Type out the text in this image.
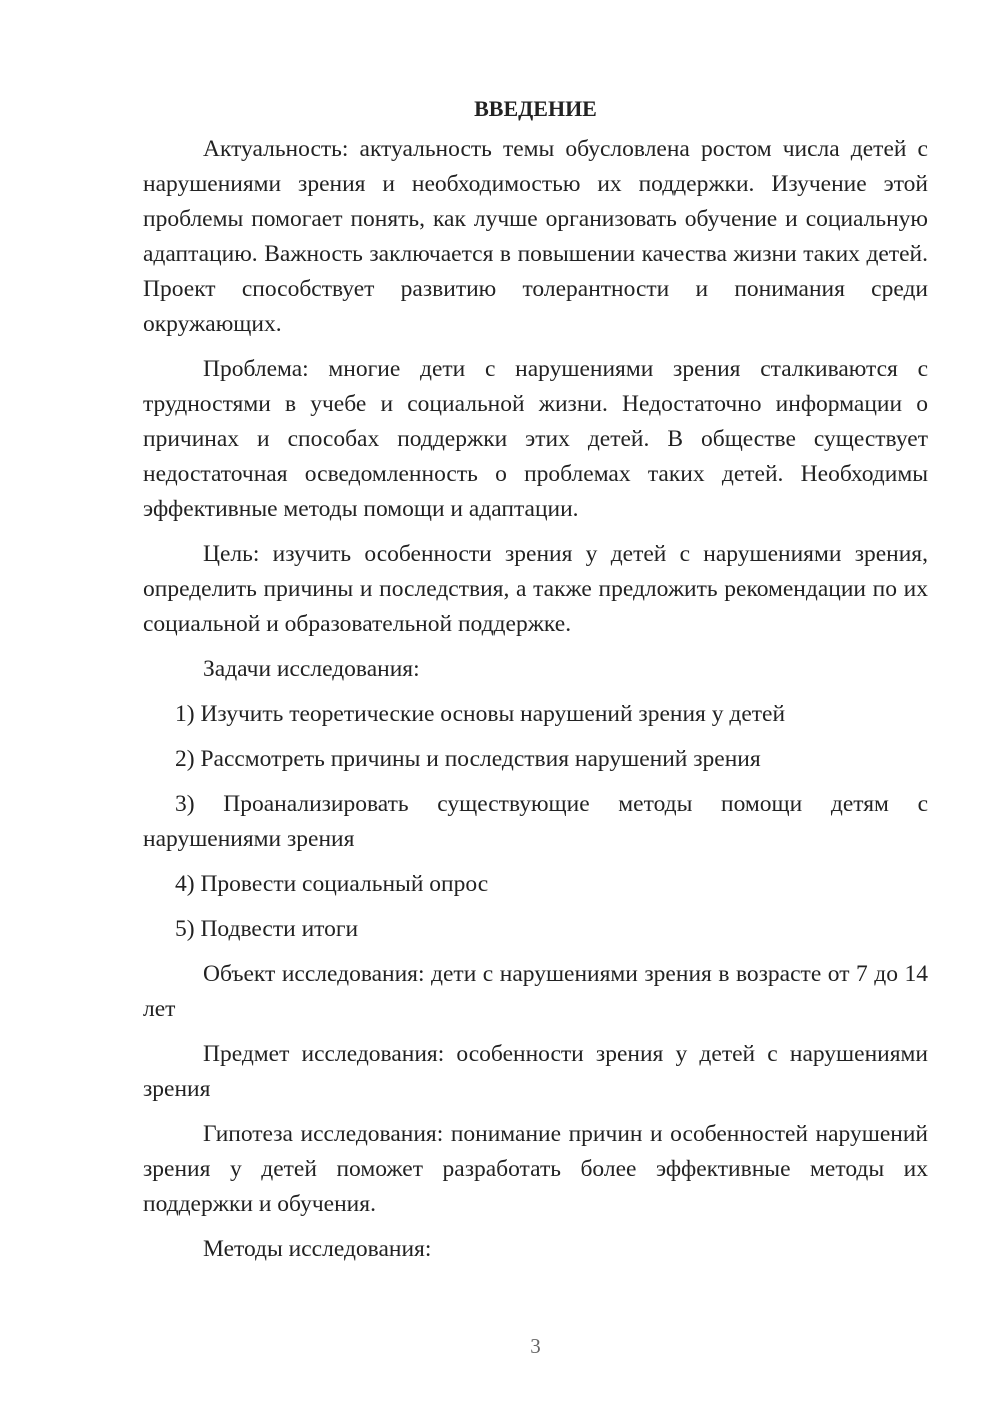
ВВЕДЕНИЕ

Актуальность: актуальность темы обусловлена ростом числа детей с нарушениями зрения и необходимостью их поддержки. Изучение этой проблемы помогает понять, как лучше организовать обучение и социальную адаптацию. Важность заключается в повышении качества жизни таких детей. Проект способствует развитию толерантности и понимания среди окружающих.

Проблема: многие дети с нарушениями зрения сталкиваются с трудностями в учебе и социальной жизни. Недостаточно информации о причинах и способах поддержки этих детей. В обществе существует недостаточная осведомленность о проблемах таких детей. Необходимы эффективные методы помощи и адаптации.

Цель: изучить особенности зрения у детей с нарушениями зрения, определить причины и последствия, а также предложить рекомендации по их социальной и образовательной поддержке.

Задачи исследования:

1) Изучить теоретические основы нарушений зрения у детей

2) Рассмотреть причины и последствия нарушений зрения

3) Проанализировать существующие методы помощи детям с нарушениями зрения

4) Провести социальный опрос

5) Подвести итоги

Объект исследования: дети с нарушениями зрения в возрасте от 7 до 14 лет

Предмет исследования: особенности зрения у детей с нарушениями зрения

Гипотеза исследования: понимание причин и особенностей нарушений зрения у детей поможет разработать более эффективные методы их поддержки и обучения.

Методы исследования:

3
